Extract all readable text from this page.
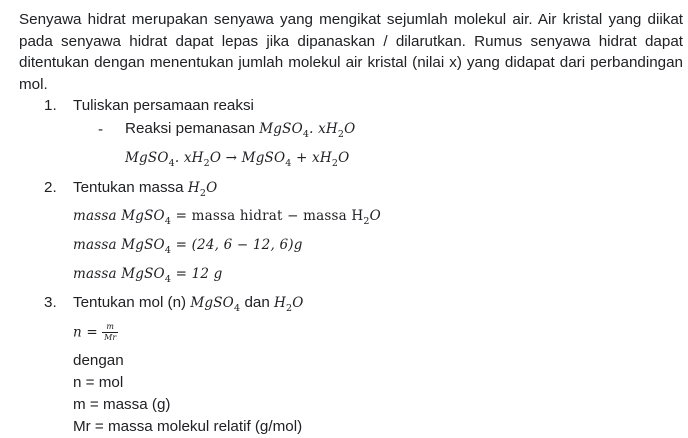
Senyawa hidrat merupakan senyawa yang mengikat sejumlah molekul air. Air kristal yang diikat pada senyawa hidrat dapat lepas jika dipanaskan / dilarutkan. Rumus senyawa hidrat dapat ditentukan dengan menentukan jumlah molekul air kristal (nilai x) yang didapat dari perbandingan mol.

1. Tuliskan persamaan reaksi
- Reaksi pemanasan MgSO$_4$. $xH_2O$
MgSO$_4$. $xH_2O$ → MgSO$_4$ + $xH_2O$
2. Tentukan massa $H_2O$
massa MgSO$_4$ = massa hidrat − massa $H_2O$
massa MgSO$_4$ = (24, 6 − 12, 6)g
massa MgSO$_4$ = 12 g
3. Tentukan mol (n) MgSO$_4$ dan $H_2O$
$n = \frac{m}{Mr}$
dengan
n = mol
m = massa (g)
Mr = massa molekul relatif (g/mol)
